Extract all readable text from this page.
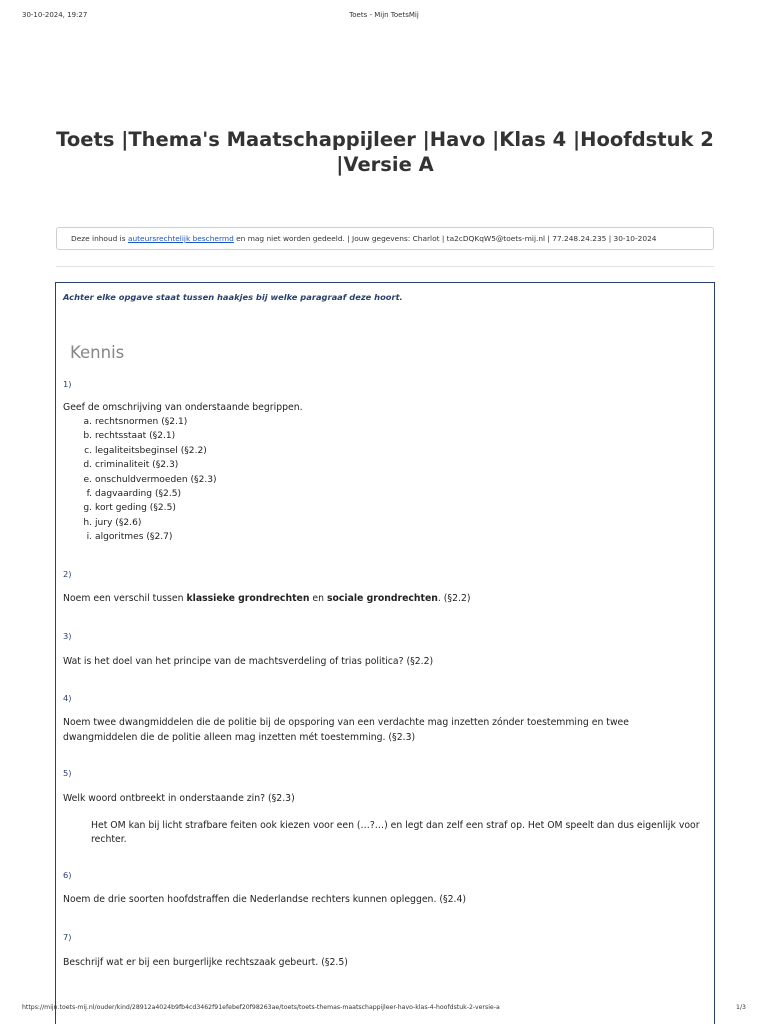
30-10-2024, 19:27	Toets - Mijn ToetsMij
Toets |Thema's Maatschappijleer |Havo |Klas 4 |Hoofdstuk 2 |Versie A
Deze inhoud is auteursrechtelijk beschermd en mag niet worden gedeeld. | Jouw gegevens: Charlot | ta2cDQKqW5@toets-mij.nl | 77.248.24.235 | 30-10-2024
Achter elke opgave staat tussen haakjes bij welke paragraaf deze hoort.
Kennis
1)
Geef de omschrijving van onderstaande begrippen.
a. rechtsnormen (§2.1)
b. rechtsstaat (§2.1)
c. legaliteitsbeginsel (§2.2)
d. criminaliteit (§2.3)
e. onschuldvermoeden (§2.3)
f. dagvaarding (§2.5)
g. kort geding (§2.5)
h. jury (§2.6)
i. algoritmes (§2.7)
2)
Noem een verschil tussen klassieke grondrechten en sociale grondrechten. (§2.2)
3)
Wat is het doel van het principe van de machtsverdeling of trias politica? (§2.2)
4)
Noem twee dwangmiddelen die de politie bij de opsporing van een verdachte mag inzetten zónder toestemming en twee dwangmiddelen die de politie alleen mag inzetten mét toestemming. (§2.3)
5)
Welk woord ontbreekt in onderstaande zin? (§2.3)
Het OM kan bij licht strafbare feiten ook kiezen voor een (…?…) en legt dan zelf een straf op. Het OM speelt dan dus eigenlijk voor rechter.
6)
Noem de drie soorten hoofdstraffen die Nederlandse rechters kunnen opleggen. (§2.4)
7)
Beschrijf wat er bij een burgerlijke rechtszaak gebeurt. (§2.5)
https://mijn.toets-mij.nl/ouder/kind/28912a4024b9fb4cd3462f91efebef20f98263ae/toets/toets-themas-maatschappijleer-havo-klas-4-hoofdstuk-2-versie-a	1/3
